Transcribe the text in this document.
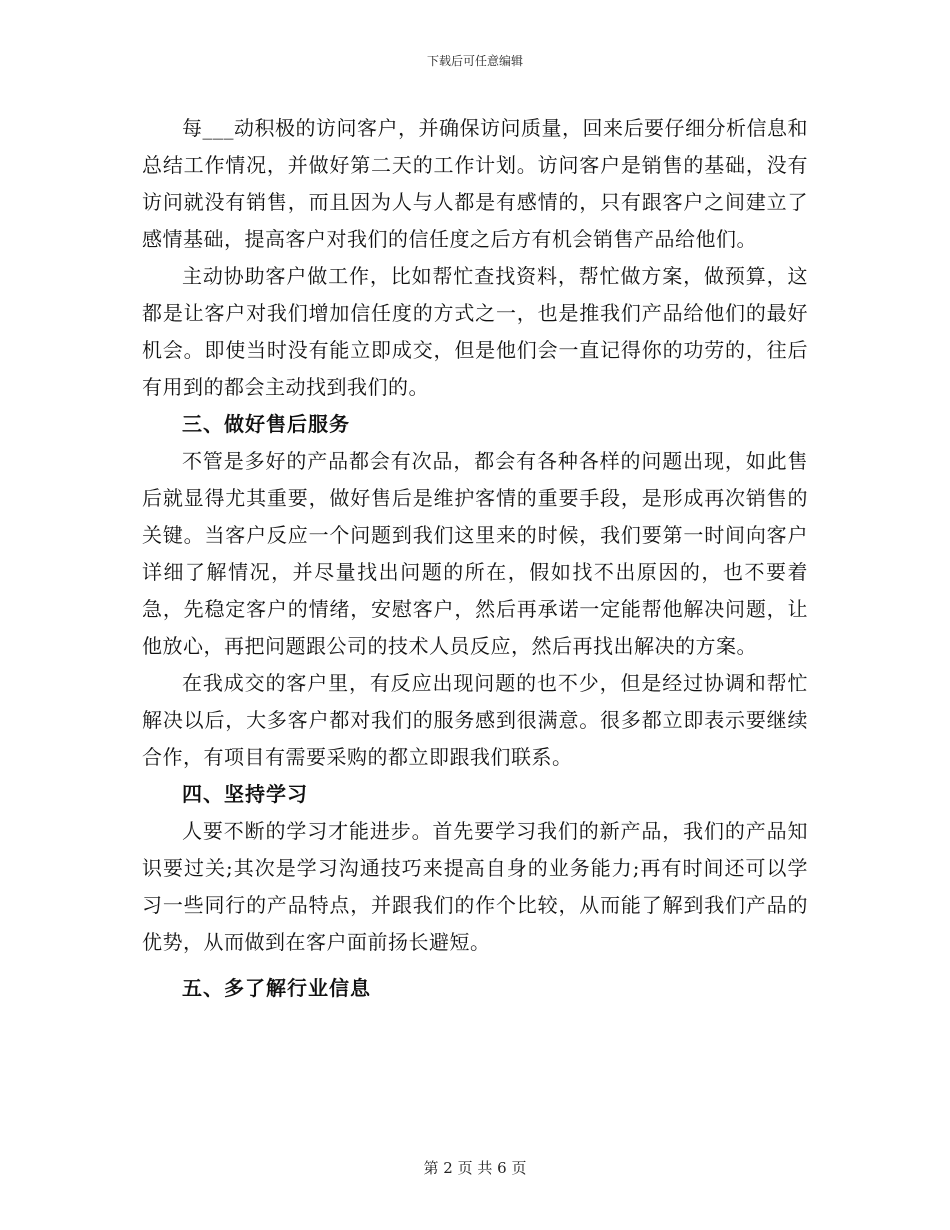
下载后可任意编辑

每___动积极的访问客户，并确保访问质量，回来后要仔细分析信息和总结工作情况，并做好第二天的工作计划。访问客户是销售的基础，没有访问就没有销售，而且因为人与人都是有感情的，只有跟客户之间建立了感情基础，提高客户对我们的信任度之后方有机会销售产品给他们。

主动协助客户做工作，比如帮忙查找资料，帮忙做方案，做预算，这都是让客户对我们增加信任度的方式之一，也是推我们产品给他们的最好机会。即使当时没有能立即成交，但是他们会一直记得你的功劳的，往后有用到的都会主动找到我们的。

三、做好售后服务

不管是多好的产品都会有次品，都会有各种各样的问题出现，如此售后就显得尤其重要，做好售后是维护客情的重要手段，是形成再次销售的关键。当客户反应一个问题到我们这里来的时候，我们要第一时间向客户详细了解情况，并尽量找出问题的所在，假如找不出原因的，也不要着急，先稳定客户的情绪，安慰客户，然后再承诺一定能帮他解决问题，让他放心，再把问题跟公司的技术人员反应，然后再找出解决的方案。

在我成交的客户里，有反应出现问题的也不少，但是经过协调和帮忙解决以后，大多客户都对我们的服务感到很满意。很多都立即表示要继续合作，有项目有需要采购的都立即跟我们联系。

四、坚持学习

人要不断的学习才能进步。首先要学习我们的新产品，我们的产品知识要过关;其次是学习沟通技巧来提高自身的业务能力;再有时间还可以学习一些同行的产品特点，并跟我们的作个比较，从而能了解到我们产品的优势，从而做到在客户面前扬长避短。

五、多了解行业信息

第 2 页 共 6 页
